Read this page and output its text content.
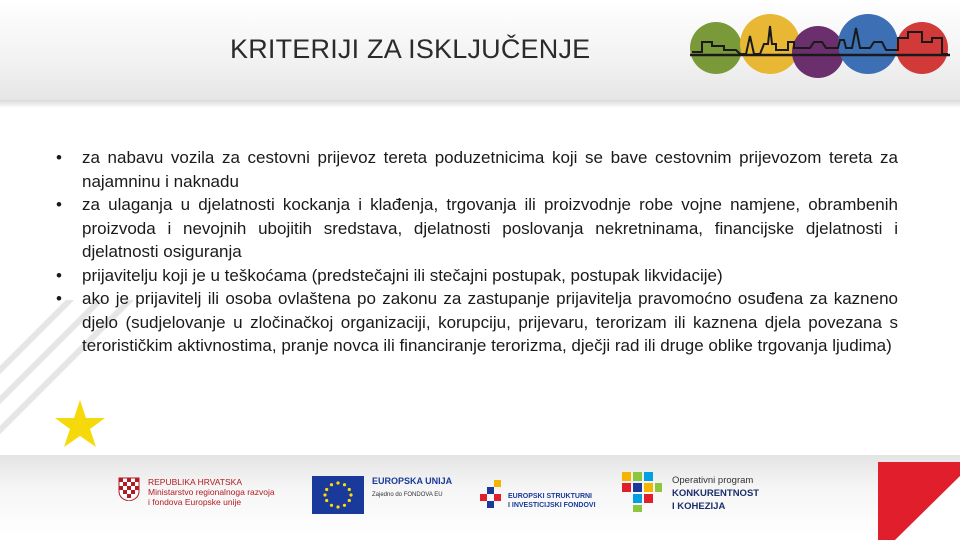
KRITERIJI ZA ISKLJUČENJE
• za nabavu vozila za cestovni prijevoz tereta poduzetnicima koji se bave cestovnim prijevozom tereta za najamninu i naknadu
• za ulaganja u djelatnosti kockanja i klađenja, trgovanja ili proizvodnje robe vojne namjene, obrambenih proizvoda i nevojnih ubojitih sredstava, djelatnosti poslovanja nekretninama, financijske djelatnosti i djelatnosti osiguranja
• prijavitelju koji je u teškoćama (predstečajni ili stečajni postupak, postupak likvidacije)
• ako je prijavitelj ili osoba ovlaštena po zakonu za zastupanje prijavitelja pravomoćno osuđena za kazneno djelo (sudjelovanje u zločinačkoj organizaciji, korupciju, prijevaru, terorizam ili kaznena djela povezana s terorističkim aktivnostima, pranje novca ili financiranje terorizma, dječji rad ili druge oblike trgovanja ljudima)
REPUBLIKA HRVATSKA
Ministarstvo regionalnoga razvoja
i fondova Europske unije
EUROPSKA UNIJA
Zajedno do FONDOVA EU	EUROPSKI STRUKTURNI
I INVESTICIJSKI FONDOVI
Operativni program
KONKURENTNOST
I KOHEZIJA
